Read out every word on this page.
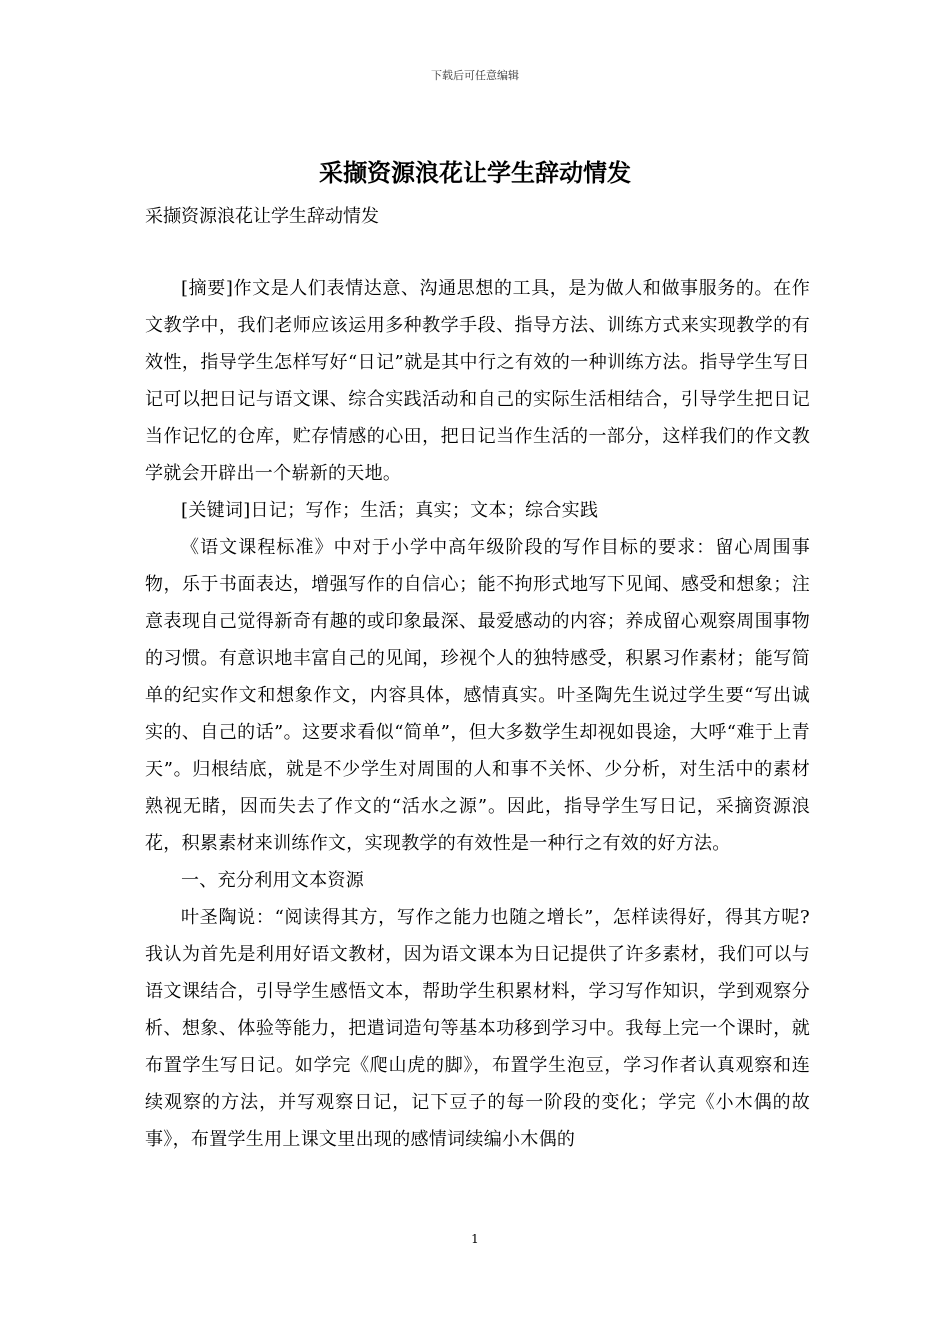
下载后可任意编辑
采撷资源浪花让学生辞动情发

采撷资源浪花让学生辞动情发

[摘要]作文是人们表情达意、沟通思想的工具，是为做人和做事服务的。在作文教学中，我们老师应该运用多种教学手段、指导方法、训练方式来实现教学的有效性，指导学生怎样写好“日记”就是其中行之有效的一种训练方法。指导学生写日记可以把日记与语文课、综合实践活动和自己的实际生活相结合，引导学生把日记当作记忆的仓库，贮存情感的心田，把日记当作生活的一部分，这样我们的作文教学就会开辟出一个崭新的天地。

[关键词]日记；写作；生活；真实；文本；综合实践

《语文课程标准》中对于小学中高年级阶段的写作目标的要求：留心周围事物，乐于书面表达，增强写作的自信心；能不拘形式地写下见闻、感受和想象；注意表现自己觉得新奇有趣的或印象最深、最爱感动的内容；养成留心观察周围事物的习惯。有意识地丰富自己的见闻，珍视个人的独特感受，积累习作素材；能写简单的纪实作文和想象作文，内容具体，感情真实。叶圣陶先生说过学生要“写出诚实的、自己的话”。这要求看似“简单”，但大多数学生却视如畏途，大呼“难于上青天”。归根结底，就是不少学生对周围的人和事不关怀、少分析，对生活中的素材熟视无睹，因而失去了作文的“活水之源”。因此，指导学生写日记，采摘资源浪花，积累素材来训练作文，实现教学的有效性是一种行之有效的好方法。

一、充分利用文本资源

叶圣陶说：“阅读得其方，写作之能力也随之增长”，怎样读得好，得其方呢?我认为首先是利用好语文教材，因为语文课本为日记提供了许多素材，我们可以与语文课结合，引导学生感悟文本，帮助学生积累材料，学习写作知识，学到观察分析、想象、体验等能力，把遣词造句等基本功移到学习中。我每上完一个课时，就布置学生写日记。如学完《爬山虎的脚》，布置学生泡豆，学习作者认真观察和连续观察的方法，并写观察日记，记下豆子的每一阶段的变化；学完《小木偶的故事》，布置学生用上课文里出现的感情词续编小木偶的

1
